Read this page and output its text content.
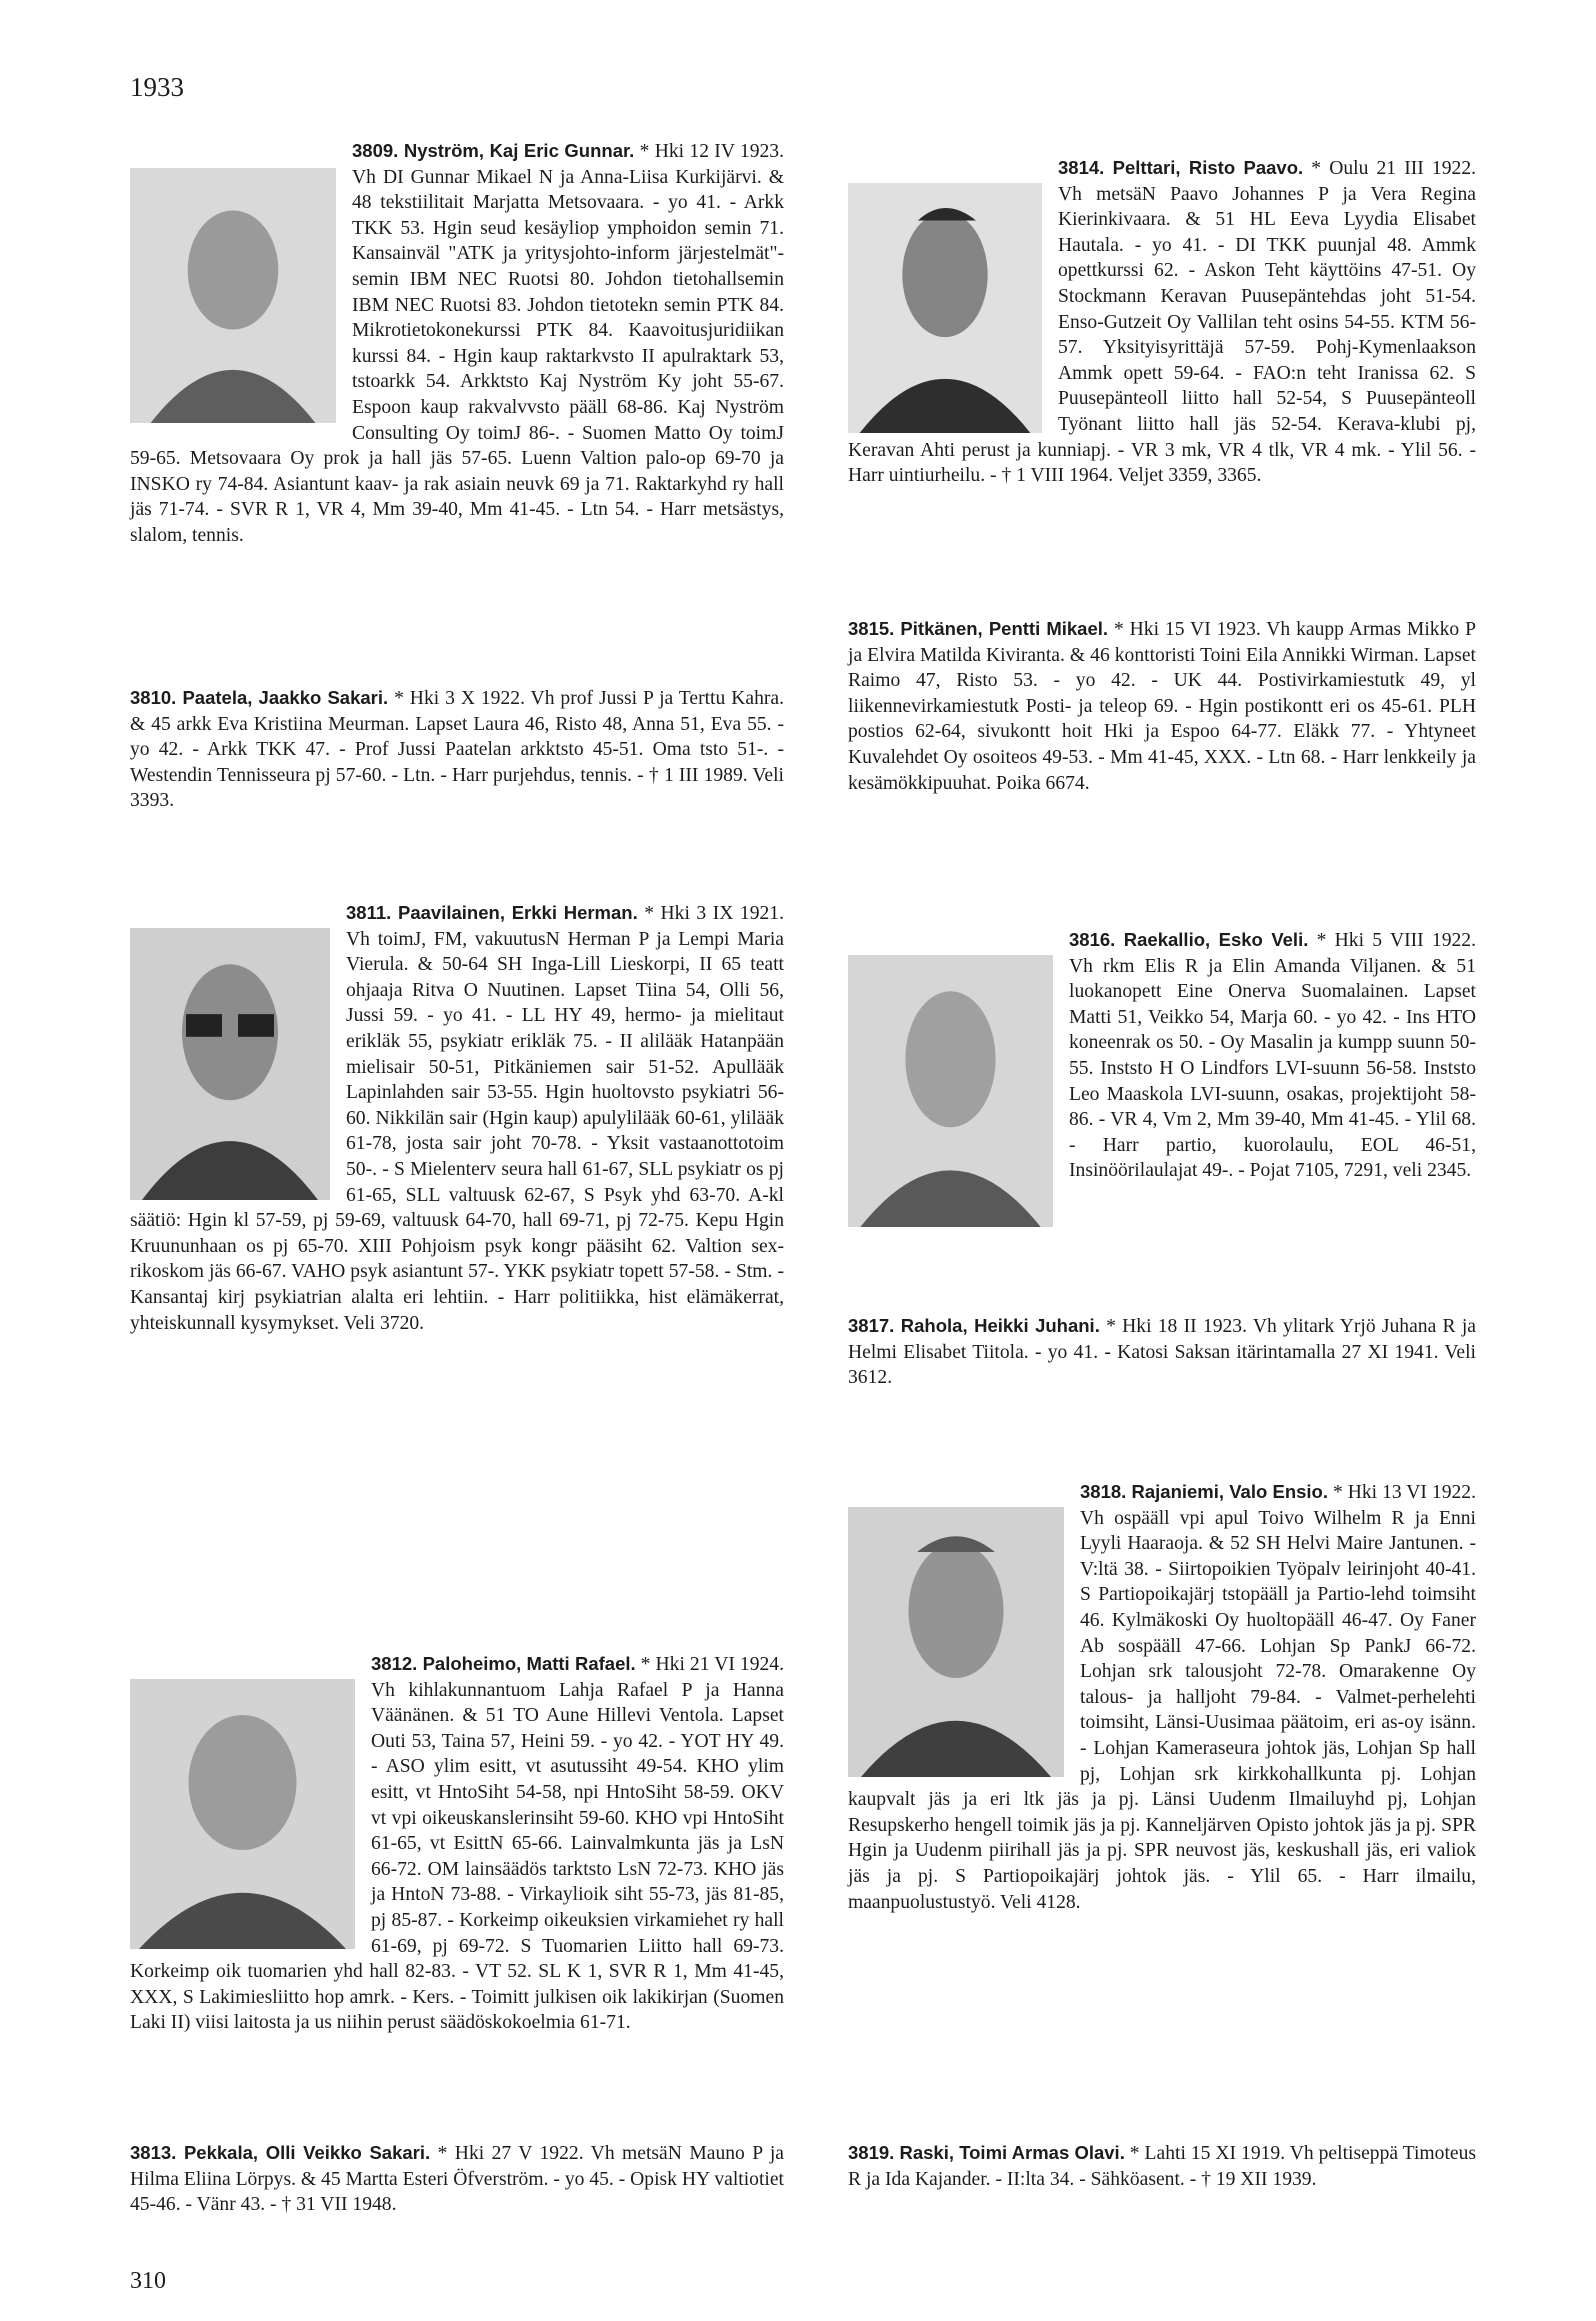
1933
3809. Nyström, Kaj Eric Gunnar. * Hki 12 IV 1923. Vh DI Gunnar Mikael N ja Anna-Liisa Kurkijärvi. & 48 tekstiilitait Marjatta Metsovaara. - yo 41. - Arkk TKK 53. Hgin seud kesäyliop ymphoidon semin 71. Kansainväl "ATK ja yritysjohto-inform järjestelmät"- semin IBM NEC Ruotsi 80. Johdon tietohallsemin IBM NEC Ruotsi 83. Johdon tietotekn semin PTK 84. Mikrotietokonekurssi PTK 84. Kaavoitusjuridiikan kurssi 84. - Hgin kaup raktarkvsto II apulraktark 53, tstoarkk 54. Arkktsto Kaj Nyström Ky joht 55-67. Espoon kaup rakvalvvsto pääll 68-86. Kaj Nyström Consulting Oy toimJ 86-. - Suomen Matto Oy toimJ 59-65. Metsovaara Oy prok ja hall jäs 57-65. Luenn Valtion palo-op 69-70 ja INSKO ry 74-84. Asiantunt kaav- ja rak asiain neuvk 69 ja 71. Raktarkyhd ry hall jäs 71-74. - SVR R 1, VR 4, Mm 39-40, Mm 41-45. - Ltn 54. - Harr metsästys, slalom, tennis.
3810. Paatela, Jaakko Sakari. * Hki 3 X 1922. Vh prof Jussi P ja Terttu Kahra. & 45 arkk Eva Kristiina Meurman. Lapset Laura 46, Risto 48, Anna 51, Eva 55. - yo 42. - Arkk TKK 47. - Prof Jussi Paatelan arkktsto 45-51. Oma tsto 51-. - Westendin Tennisseura pj 57-60. - Ltn. - Harr purjehdus, tennis. - † 1 III 1989. Veli 3393.
3811. Paavilainen, Erkki Herman. * Hki 3 IX 1921. Vh toimJ, FM, vakuutusN Herman P ja Lempi Maria Vierula. & 50-64 SH Inga-Lill Lieskorpi, II 65 teatt ohjaaja Ritva O Nuutinen. Lapset Tiina 54, Olli 56, Jussi 59. - yo 41. - LL HY 49, hermo- ja mielitaut erikläk 55, psykiatr erikläk 75. - II alilääk Hatanpään mielisair 50-51, Pitkäniemen sair 51-52. Apullääk Lapinlahden sair 53-55. Hgin huoltovsto psykiatri 56-60. Nikkilän sair (Hgin kaup) apulylilääk 60-61, ylilääk 61-78, josta sair joht 70-78. - Yksit vastaanottotoim 50-. - S Mielenterv seura hall 61-67, SLL psykiatr os pj 61-65, SLL valtuusk 62-67, S Psyk yhd 63-70. A-kl säätiö: Hgin kl 57-59, pj 59-69, valtuusk 64-70, hall 69-71, pj 72-75. Kepu Hgin Kruununhaan os pj 65-70. XIII Pohjoism psyk kongr pääsiht 62. Valtion sex-rikoskom jäs 66-67. VAHO psyk asiantunt 57-. YKK psykiatr topett 57-58. - Stm. - Kansantaj kirj psykiatrian alalta eri lehtiin. - Harr politiikka, hist elämäkerrat, yhteiskunnall kysymykset. Veli 3720.
3812. Paloheimo, Matti Rafael. * Hki 21 VI 1924. Vh kihlakunnantuom Lahja Rafael P ja Hanna Väänänen. & 51 TO Aune Hillevi Ventola. Lapset Outi 53, Taina 57, Heini 59. - yo 42. - YOT HY 49. - ASO ylim esitt, vt asutussiht 49-54. KHO ylim esitt, vt HntoSiht 54-58, npi HntoSiht 58-59. OKV vt vpi oikeuskanslerinsiht 59-60. KHO vpi HntoSiht 61-65, vt EsittN 65-66. Lainvalmkunta jäs ja LsN 66-72. OM lainsäädös tarktsto LsN 72-73. KHO jäs ja HntoN 73-88. - Virkaylioik siht 55-73, jäs 81-85, pj 85-87. - Korkeimp oikeuksien virkamiehet ry hall 61-69, pj 69-72. S Tuomarien Liitto hall 69-73. Korkeimp oik tuomarien yhd hall 82-83. - VT 52. SL K 1, SVR R 1, Mm 41-45, XXX, S Lakimiesliitto hop amrk. - Kers. - Toimitt julkisen oik lakikirjan (Suomen Laki II) viisi laitosta ja us niihin perust säädöskokoelmia 61-71.
3813. Pekkala, Olli Veikko Sakari. * Hki 27 V 1922. Vh metsäN Mauno P ja Hilma Eliina Lörpys. & 45 Martta Esteri Öfverström. - yo 45. - Opisk HY valtiotiet 45-46. - Vänr 43. - † 31 VII 1948.
3814. Pelttari, Risto Paavo. * Oulu 21 III 1922. Vh metsäN Paavo Johannes P ja Vera Regina Kierinkivaara. & 51 HL Eeva Lyydia Elisabet Hautala. - yo 41. - DI TKK puunjal 48. Ammk opettkurssi 62. - Askon Teht käyttöins 47-51. Oy Stockmann Keravan Puusepäntehdas joht 51-54. Enso-Gutzeit Oy Vallilan teht osins 54-55. KTM 56-57. Yksityisyrittäjä 57-59. Pohj-Kymenlaakson Ammk opett 59-64. - FAO:n teht Iranissa 62. S Puusepänteoll liitto hall 52-54, S Puusepänteoll Työnant liitto hall jäs 52-54. Kerava-klubi pj, Keravan Ahti perust ja kunniapj. - VR 3 mk, VR 4 tlk, VR 4 mk. - Ylil 56. - Harr uintiurheilu. - † 1 VIII 1964. Veljet 3359, 3365.
3815. Pitkänen, Pentti Mikael. * Hki 15 VI 1923. Vh kaupp Armas Mikko P ja Elvira Matilda Kiviranta. & 46 konttoristi Toini Eila Annikki Wirman. Lapset Raimo 47, Risto 53. - yo 42. - UK 44. Postivirkamiestutk 49, yl liikennevirkamiestutk Posti- ja teleop 69. - Hgin postikontt eri os 45-61. PLH postios 62-64, sivukontt hoit Hki ja Espoo 64-77. Eläkk 77. - Yhtyneet Kuvalehdet Oy osoiteos 49-53. - Mm 41-45, XXX. - Ltn 68. - Harr lenkkeily ja kesämökkipuuhat. Poika 6674.
3816. Raekallio, Esko Veli. * Hki 5 VIII 1922. Vh rkm Elis R ja Elin Amanda Viljanen. & 51 luokanopett Eine Onerva Suomalainen. Lapset Matti 51, Veikko 54, Marja 60. - yo 42. - Ins HTO koneenrak os 50. - Oy Masalin ja kumpp suunn 50-55. Inststo H O Lindfors LVI-suunn 56-58. Inststo Leo Maaskola LVI-suunn, osakas, projektijoht 58-86. - VR 4, Vm 2, Mm 39-40, Mm 41-45. - Ylil 68. - Harr partio, kuorolaulu, EOL 46-51, Insinöörilaulajat 49-. - Pojat 7105, 7291, veli 2345.
3817. Rahola, Heikki Juhani. * Hki 18 II 1923. Vh ylitark Yrjö Juhana R ja Helmi Elisabet Tiitola. - yo 41. - Katosi Saksan itärintamalla 27 XI 1941. Veli 3612.
3818. Rajaniemi, Valo Ensio. * Hki 13 VI 1922. Vh ospääll vpi apul Toivo Wilhelm R ja Enni Lyyli Haaraoja. & 52 SH Helvi Maire Jantunen. - V:ltä 38. - Siirtopoikien Työpalv leirinjoht 40-41. S Partiopoikajärj tstopääll ja Partio-lehd toimsiht 46. Kylmäkoski Oy huoltopääll 46-47. Oy Faner Ab sospääll 47-66. Lohjan Sp PankJ 66-72. Lohjan srk talousjoht 72-78. Omarakenne Oy talous- ja halljoht 79-84. - Valmet-perhelehti toimsiht, Länsi-Uusimaa päätoim, eri as-oy isänn. - Lohjan Kameraseura johtok jäs, Lohjan Sp hall pj, Lohjan srk kirkkohallkunta pj. Lohjan kaupvalt jäs ja eri ltk jäs ja pj. Länsi Uudenm Ilmailuyhd pj, Lohjan Resupskerho hengell toimik jäs ja pj. Kanneljärven Opisto johtok jäs ja pj. SPR Hgin ja Uudenm piirihall jäs ja pj. SPR neuvost jäs, keskushall jäs, eri valiok jäs ja pj. S Partiopoikajärj johtok jäs. - Ylil 65. - Harr ilmailu, maanpuolustustyö. Veli 4128.
3819. Raski, Toimi Armas Olavi. * Lahti 15 XI 1919. Vh peltiseppä Timoteus R ja Ida Kajander. - II:lta 34. - Sähköasent. - † 19 XII 1939.
310
